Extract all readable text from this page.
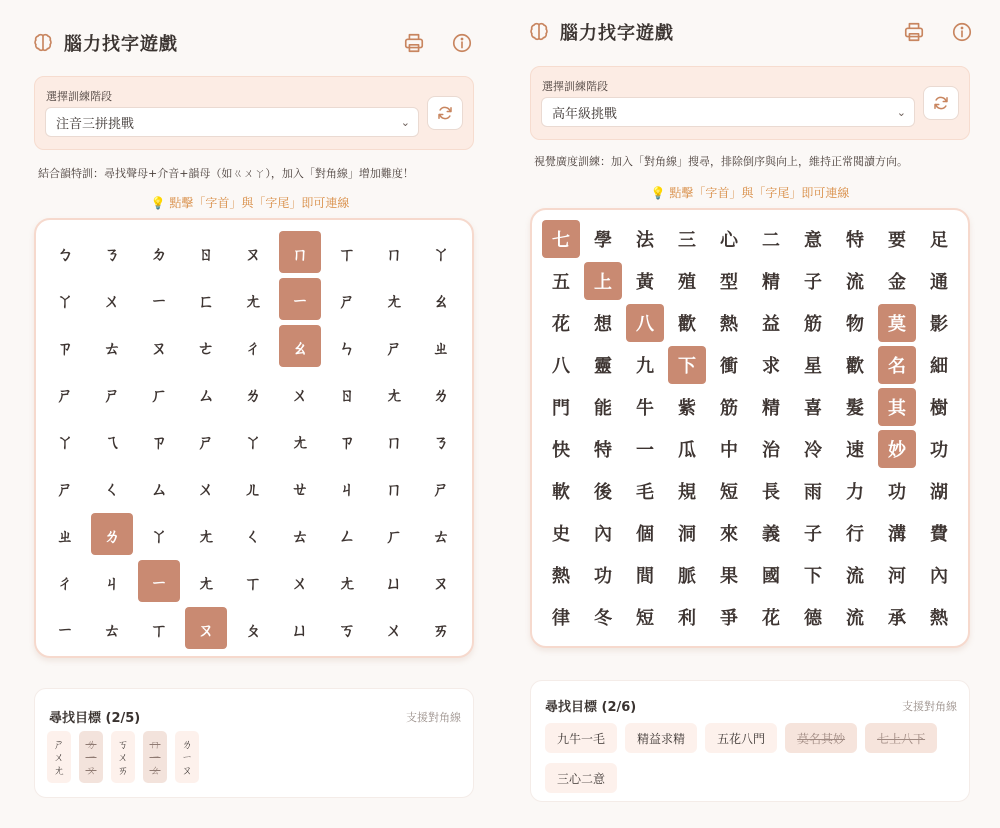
腦力找字遊戲
選擇訓練階段
注音三拼挑戰	⌄
結合韻特訓：尋找聲母+介音+韻母（如ㄍㄨㄚ），加入「對角線」增加難度！
💡 點擊「字首」與「字尾」即可連線
ㄅ	ㄋ	ㄉ	ㄖ	ㄡ	ㄇ	ㄒ	ㄇ	ㄚ
ㄚ	ㄨ	ㄧ	ㄈ	ㄤ	ㄧ	ㄕ	ㄤ	ㄠ
ㄗ	ㄊ	ㄡ	ㄜ	ㄔ	ㄠ	ㄣ	ㄕ	ㄓ
ㄕ	ㄕ	ㄏ	ㄙ	ㄌ	ㄨ	ㄖ	ㄤ	ㄌ
ㄚ	ㄟ	ㄗ	ㄕ	ㄚ	ㄤ	ㄗ	ㄇ	ㄋ
ㄕ	ㄑ	ㄙ	ㄨ	ㄦ	ㄝ	ㄐ	ㄇ	ㄕ
ㄓ	ㄌ	ㄚ	ㄤ	ㄑ	ㄊ	ㄥ	ㄏ	ㄊ
ㄔ	ㄐ	ㄧ	ㄤ	ㄒ	ㄨ	ㄤ	ㄩ	ㄡ
ㄧ	ㄊ	ㄒ	ㄡ	ㄆ	ㄩ	ㄎ	ㄨ	ㄞ
尋找目標 (2/5)	支援對角線
ㄕ
ㄨ
ㄤ
ㄌ
ㄧ
ㄡ
ㄎ
ㄨ
ㄞ
ㄇ
ㄧ
ㄠ
ㄌ
ㄧ
ㄡ
腦力找字遊戲
選擇訓練階段
高年級挑戰	⌄
視覺廣度訓練：加入「對角線」搜尋，排除倒序與向上，維持正常閱讀方向。
💡 點擊「字首」與「字尾」即可連線
七	學	法	三	心	二	意	特	要	足
五	上	黃	殖	型	精	子	流	金	通
花	想	八	歡	熱	益	筋	物	莫	影
八	靈	九	下	衝	求	星	歡	名	細
門	能	牛	紫	筋	精	喜	髮	其	樹
快	特	一	瓜	中	治	冷	速	妙	功
軟	後	毛	規	短	長	雨	力	功	湖
史	內	個	洞	來	義	子	行	溝	費
熱	功	間	脈	果	國	下	流	河	內
律	冬	短	利	爭	花	德	流	承	熱
尋找目標 (2/6)	支援對角線
九牛一毛	精益求精	五花八門	莫名其妙	七上八下
三心二意
